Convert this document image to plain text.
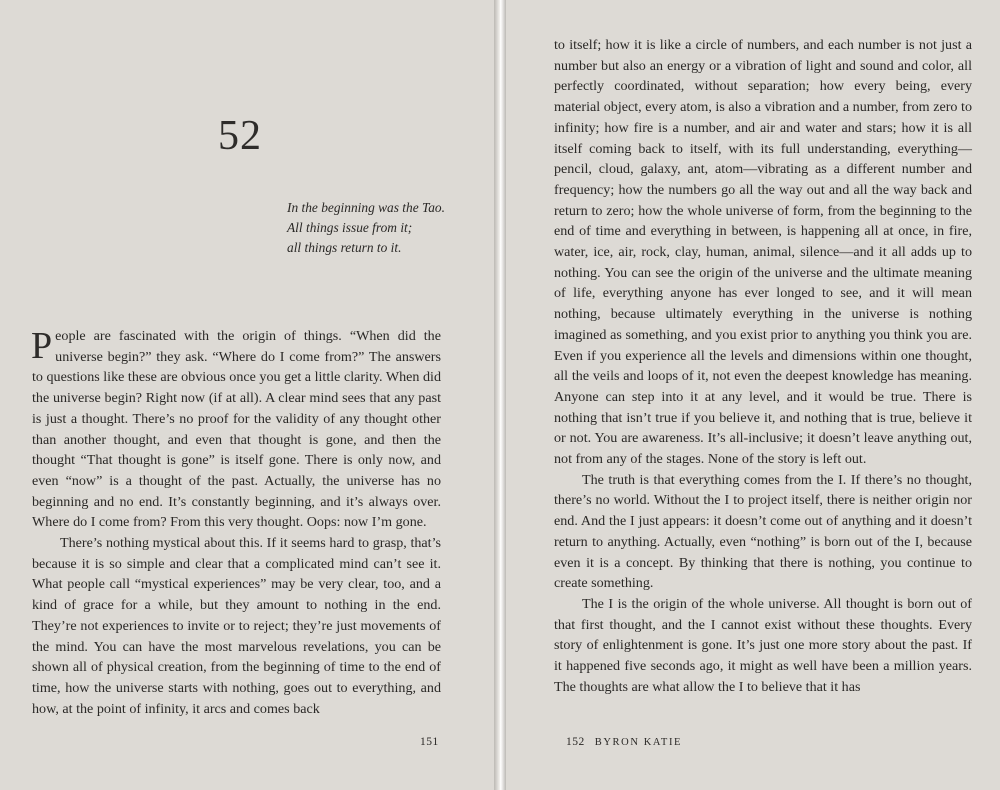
52
In the beginning was the Tao.
All things issue from it;
all things return to it.

People are fascinated with the origin of things. “When did the universe begin?” they ask. “Where do I come from?” The answers to questions like these are obvious once you get a little clarity. When did the universe begin? Right now (if at all). A clear mind sees that any past is just a thought. There’s no proof for the validity of any thought other than another thought, and even that thought is gone, and then the thought “That thought is gone” is itself gone. There is only now, and even “now” is a thought of the past. Actually, the universe has no beginning and no end. It’s constantly beginning, and it’s always over. Where do I come from? From this very thought. Oops: now I’m gone.

There’s nothing mystical about this. If it seems hard to grasp, that’s because it is so simple and clear that a complicated mind can’t see it. What people call “mystical experiences” may be very clear, too, and a kind of grace for a while, but they amount to nothing in the end. They’re not experiences to invite or to reject; they’re just movements of the mind. You can have the most marvelous revelations, you can be shown all of physical creation, from the beginning of time to the end of time, how the universe starts with nothing, goes out to everything, and how, at the point of infinity, it arcs and comes back

151

to itself; how it is like a circle of numbers, and each number is not just a number but also an energy or a vibration of light and sound and color, all perfectly coordinated, without separation; how every being, every material object, every atom, is also a vibration and a number, from zero to infinity; how fire is a number, and air and water and stars; how it is all itself coming back to itself, with its full understanding, everything—pencil, cloud, galaxy, ant, atom—vibrating as a different number and frequency; how the numbers go all the way out and all the way back and return to zero; how the whole universe of form, from the beginning to the end of time and everything in between, is happening all at once, in fire, water, ice, air, rock, clay, human, animal, silence—and it all adds up to nothing. You can see the origin of the universe and the ultimate meaning of life, everything anyone has ever longed to see, and it will mean nothing, because ultimately everything in the universe is nothing imagined as something, and you exist prior to anything you think you are. Even if you experience all the levels and dimensions within one thought, all the veils and loops of it, not even the deepest knowledge has meaning. Anyone can step into it at any level, and it would be true. There is nothing that isn’t true if you believe it, and nothing that is true, believe it or not. You are awareness. It’s all-inclusive; it doesn’t leave anything out, not from any of the stages. None of the story is left out.

The truth is that everything comes from the I. If there’s no thought, there’s no world. Without the I to project itself, there is neither origin nor end. And the I just appears: it doesn’t come out of anything and it doesn’t return to anything. Actually, even “nothing” is born out of the I, because even it is a concept. By thinking that there is nothing, you continue to create something.

The I is the origin of the whole universe. All thought is born out of that first thought, and the I cannot exist without these thoughts. Every story of enlightenment is gone. It’s just one more story about the past. If it happened five seconds ago, it might as well have been a million years. The thoughts are what allow the I to believe that it has

152 BYRON KATIE
